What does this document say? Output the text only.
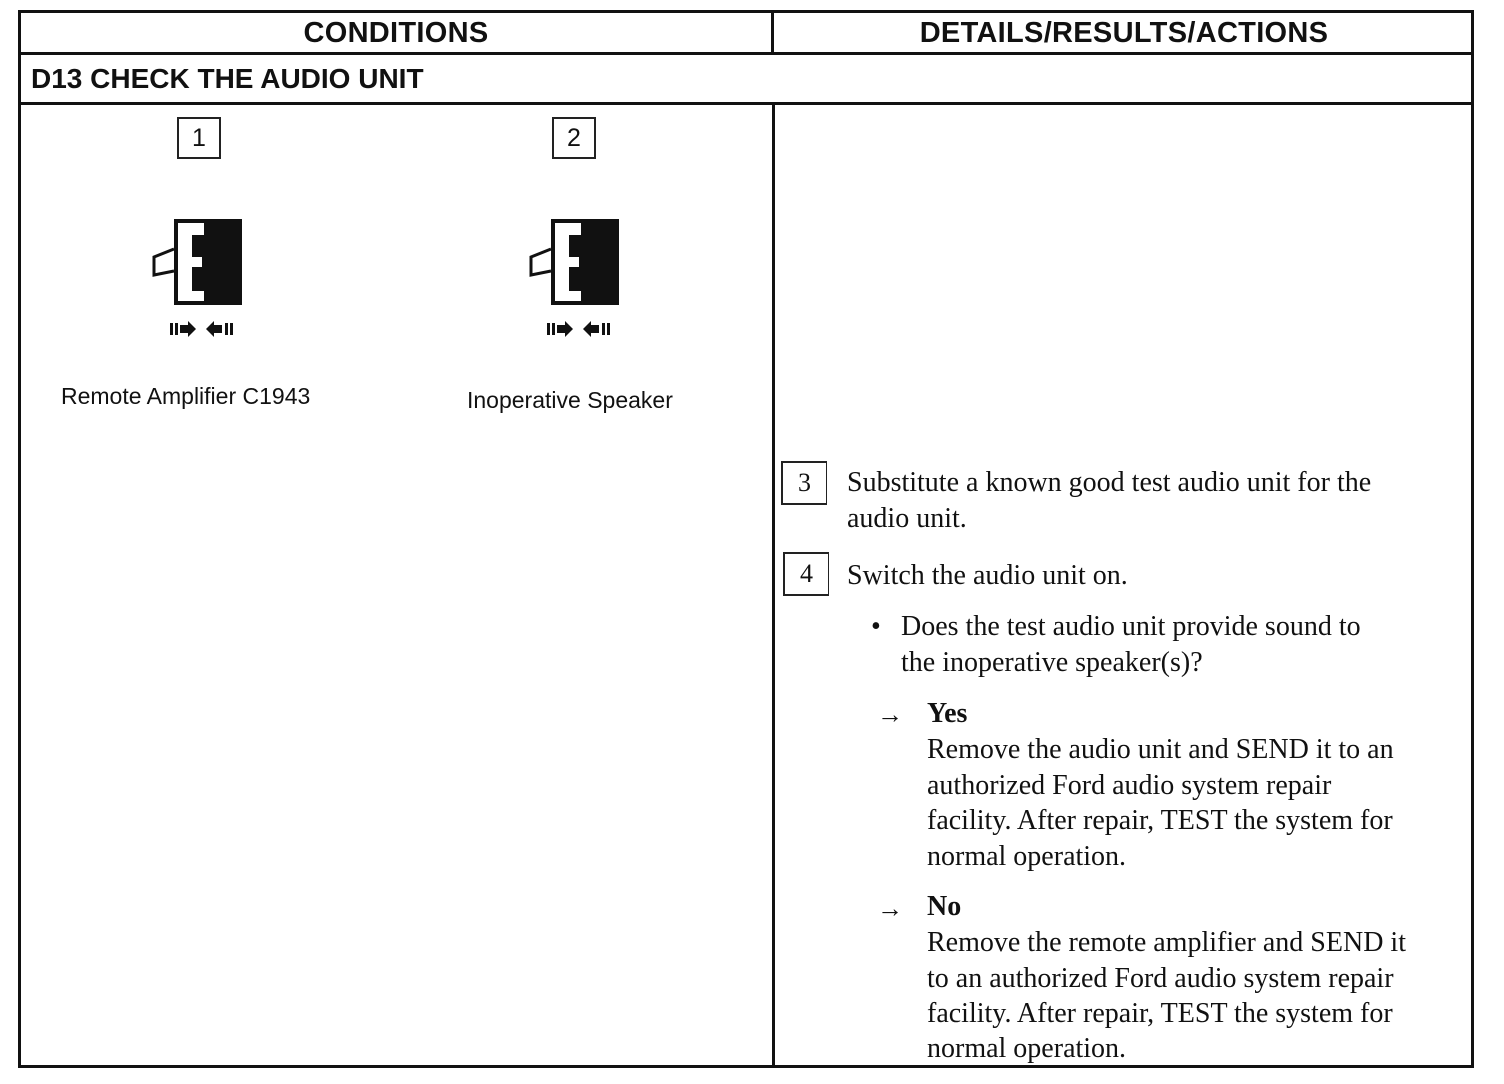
CONDITIONS	DETAILS/RESULTS/ACTIONS
D13 CHECK THE AUDIO UNIT
1
Remote Amplifier C1943
2
Inoperative Speaker
3	Substitute a known good test audio unit for the
audio unit.
4	Switch the audio unit on.
• Does the test audio unit provide sound to
the inoperative speaker(s)?
→ Yes
Remove the audio unit and SEND it to an
authorized Ford audio system repair
facility. After repair, TEST the system for
normal operation.
→ No
Remove the remote amplifier and SEND it
to an authorized Ford audio system repair
facility. After repair, TEST the system for
normal operation.
